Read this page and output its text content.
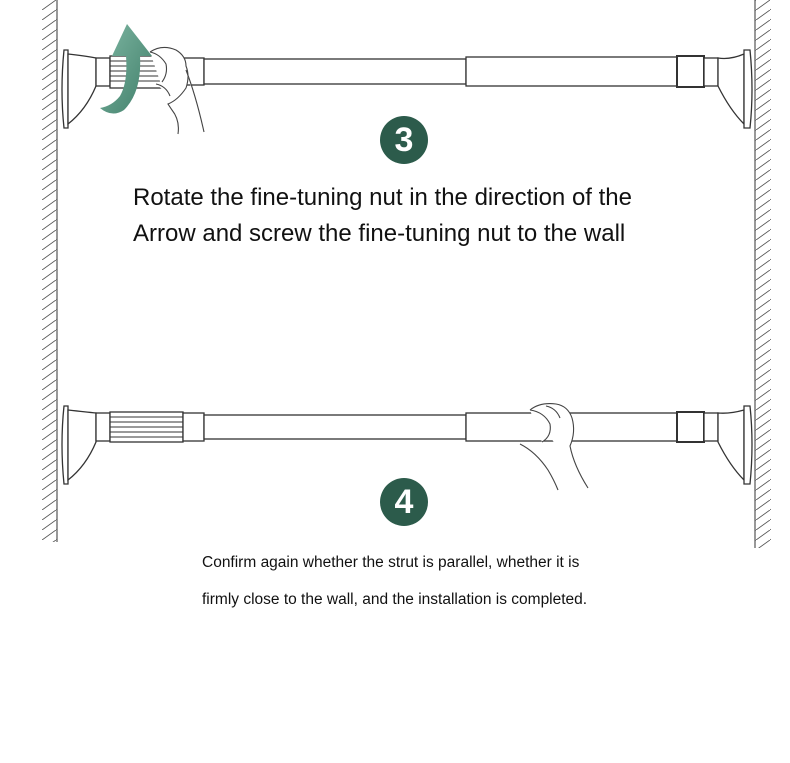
3
Rotate the fine-tuning nut in the direction of the
Arrow and screw the fine-tuning nut to the wall
4
Confirm again whether the strut is parallel, whether it is
firmly close to the wall, and the installation is completed.
